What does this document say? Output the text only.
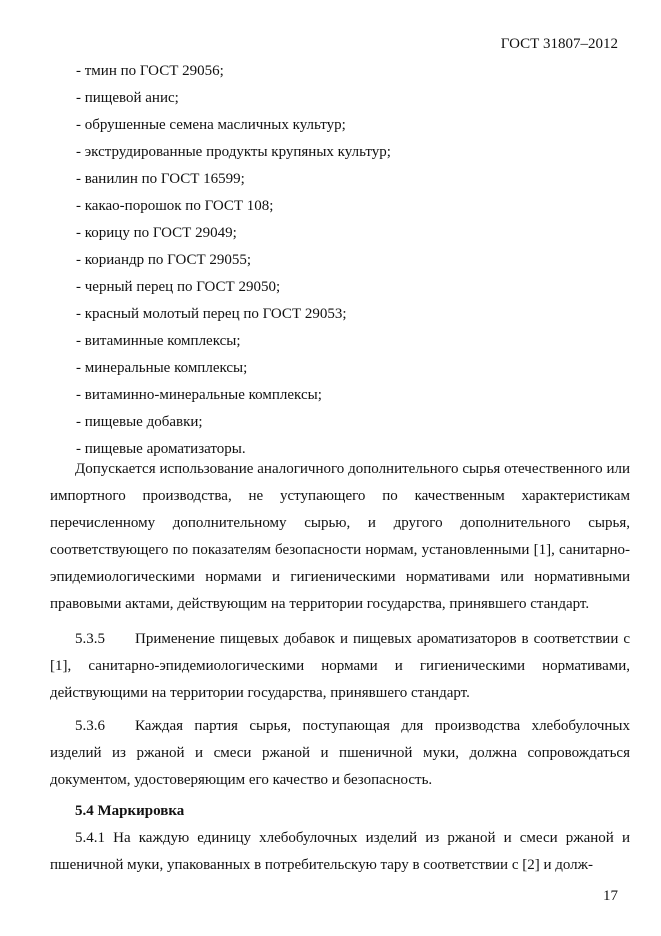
ГОСТ 31807–2012
- тмин по ГОСТ 29056;
- пищевой анис;
- обрушенные семена масличных культур;
- экструдированные продукты крупяных культур;
- ванилин по ГОСТ 16599;
- какао-порошок по ГОСТ 108;
- корицу по ГОСТ 29049;
- кориандр по ГОСТ 29055;
- черный перец по ГОСТ 29050;
- красный молотый перец по ГОСТ 29053;
- витаминные комплексы;
- минеральные комплексы;
- витаминно-минеральные комплексы;
- пищевые добавки;
- пищевые ароматизаторы.

Допускается использование аналогичного дополнительного сырья отечественного или импортного производства, не уступающего по качественным характеристикам перечисленному дополнительному сырью, и другого дополнительного сырья, соответствующего по показателям безопасности нормам, установленными [1], санитарно-эпидемиологическими нормами и гигиеническими нормативами или нормативными правовыми актами, действующим на территории государства, принявшего стандарт.

5.3.5 Применение пищевых добавок и пищевых ароматизаторов в соответствии с [1], санитарно-эпидемиологическими нормами и гигиеническими нормативами, действующими на территории государства, принявшего стандарт.

5.3.6 Каждая партия сырья, поступающая для производства хлебобулочных изделий из ржаной и смеси ржаной и пшеничной муки, должна сопровождаться документом, удостоверяющим его качество и безопасность.

5.4 Маркировка

5.4.1 На каждую единицу хлебобулочных изделий из ржаной и смеси ржаной и пшеничной муки, упакованных в потребительскую тару в соответствии с [2] и долж-

17
